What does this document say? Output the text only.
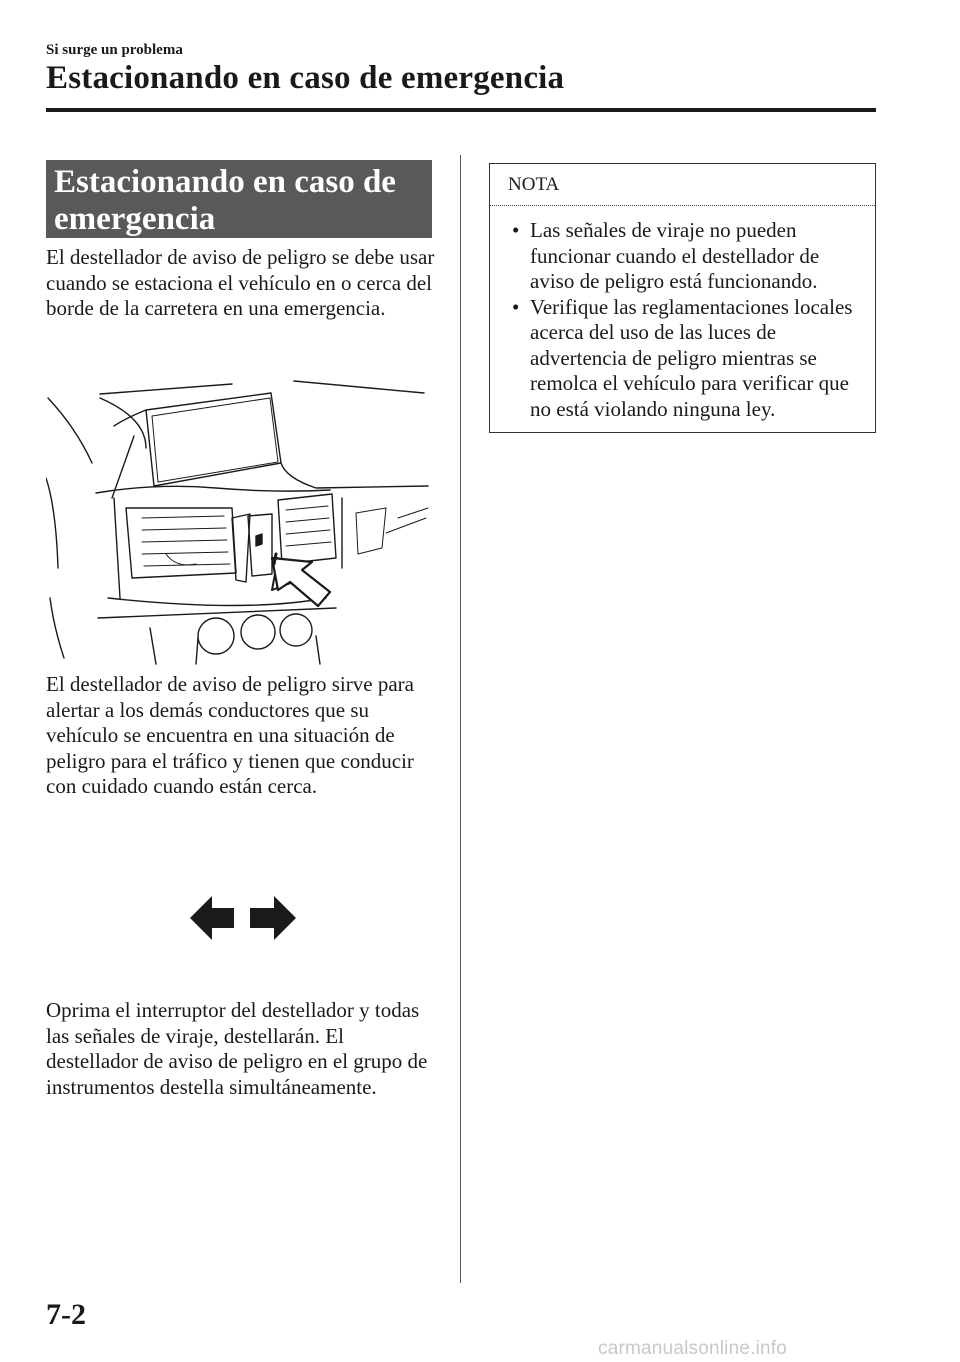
Si surge un problema
Estacionando en caso de emergencia
Estacionando en caso de
emergencia
El destellador de aviso de peligro se debe usar cuando se estaciona el vehículo en o cerca del borde de la carretera en una emergencia.
El destellador de aviso de peligro sirve para alertar a los demás conductores que su vehículo se encuentra en una situación de peligro para el tráfico y tienen que conducir con cuidado cuando están cerca.
Oprima el interruptor del destellador y todas las señales de viraje, destellarán. El destellador de aviso de peligro en el grupo de instrumentos destella simultáneamente.
NOTA
• Las señales de viraje no pueden funcionar cuando el destellador de aviso de peligro está funcionando.
• Verifique las reglamentaciones locales acerca del uso de las luces de advertencia de peligro mientras se remolca el vehículo para verificar que no está violando ninguna ley.
7-2
carmanualsonline.info
